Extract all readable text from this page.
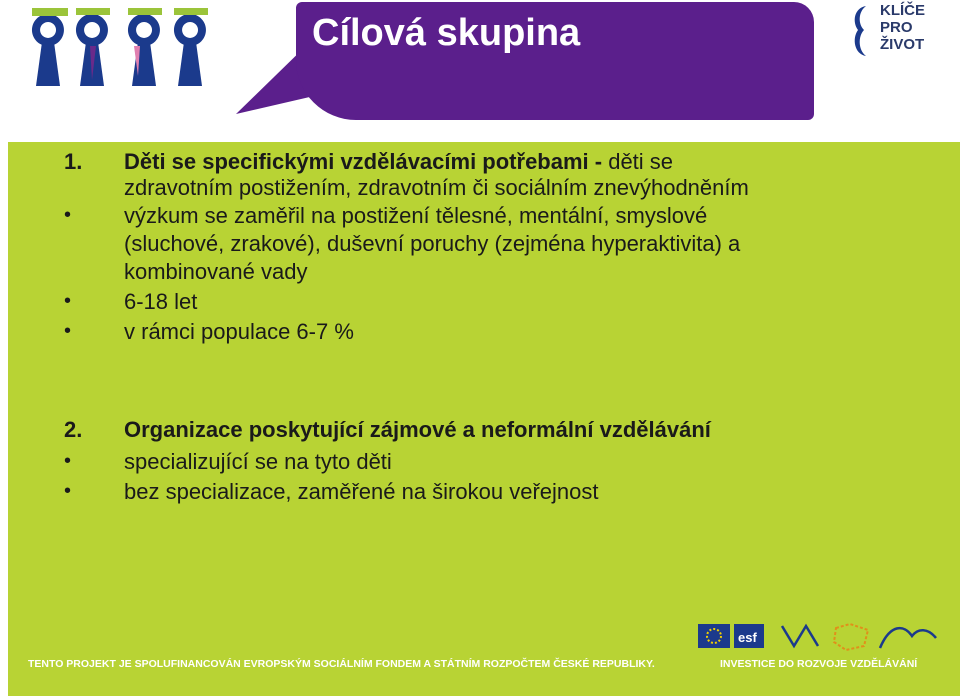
Cílová skupina
KLÍČE
PRO
ŽIVOT
1. Děti se specifickými vzdělávacími potřebami - děti se
zdravotním postižením, zdravotním či sociálním znevýhodněním
• výzkum se zaměřil na postižení tělesné, mentální, smyslové
(sluchové, zrakové), duševní poruchy (zejména hyperaktivita) a
kombinované vady
• 6-18 let
• v rámci populace 6-7 %
2. Organizace poskytující zájmové a neformální vzdělávání
• specializující se na tyto děti
• bez specializace, zaměřené na širokou veřejnost
esf
TENTO PROJEKT JE SPOLUFINANCOVÁN EVROPSKÝM SOCIÁLNÍM FONDEM A STÁTNÍM ROZPOČTEM ČESKÉ REPUBLIKY.	INVESTICE DO ROZVOJE VZDĚLÁVÁNÍ
